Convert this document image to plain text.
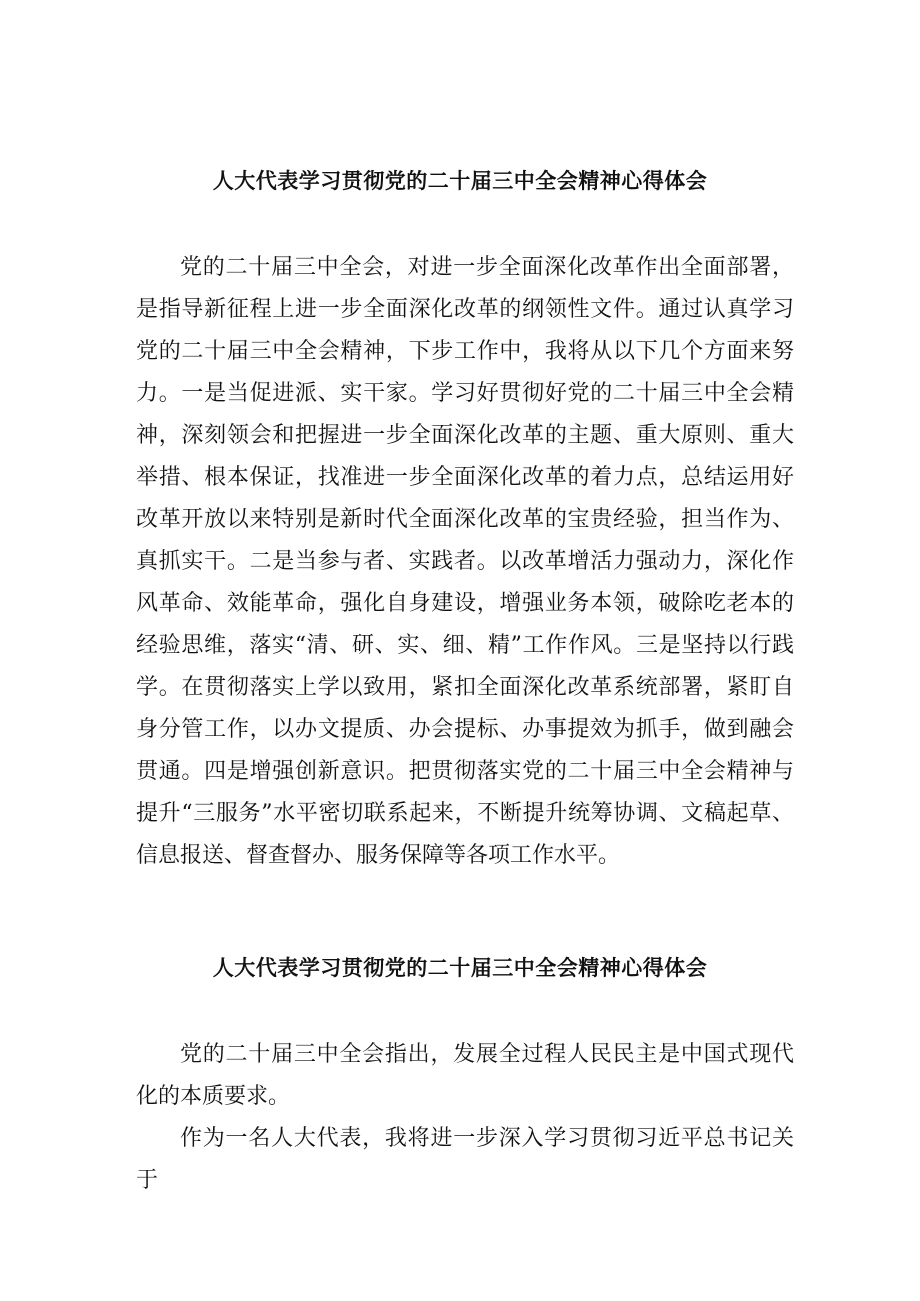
人大代表学习贯彻党的二十届三中全会精神心得体会

党的二十届三中全会，对进一步全面深化改革作出全面部署，是指导新征程上进一步全面深化改革的纲领性文件。通过认真学习党的二十届三中全会精神，下步工作中，我将从以下几个方面来努力。一是当促进派、实干家。学习好贯彻好党的二十届三中全会精神，深刻领会和把握进一步全面深化改革的主题、重大原则、重大举措、根本保证，找准进一步全面深化改革的着力点，总结运用好改革开放以来特别是新时代全面深化改革的宝贵经验，担当作为、真抓实干。二是当参与者、实践者。以改革增活力强动力，深化作风革命、效能革命，强化自身建设，增强业务本领，破除吃老本的经验思维，落实“清、研、实、细、精”工作作风。三是坚持以行践学。在贯彻落实上学以致用，紧扣全面深化改革系统部署，紧盯自身分管工作，以办文提质、办会提标、办事提效为抓手，做到融会贯通。四是增强创新意识。把贯彻落实党的二十届三中全会精神与提升“三服务”水平密切联系起来，不断提升统筹协调、文稿起草、信息报送、督查督办、服务保障等各项工作水平。

人大代表学习贯彻党的二十届三中全会精神心得体会

党的二十届三中全会指出，发展全过程人民民主是中国式现代化的本质要求。

作为一名人大代表，我将进一步深入学习贯彻习近平总书记关于
